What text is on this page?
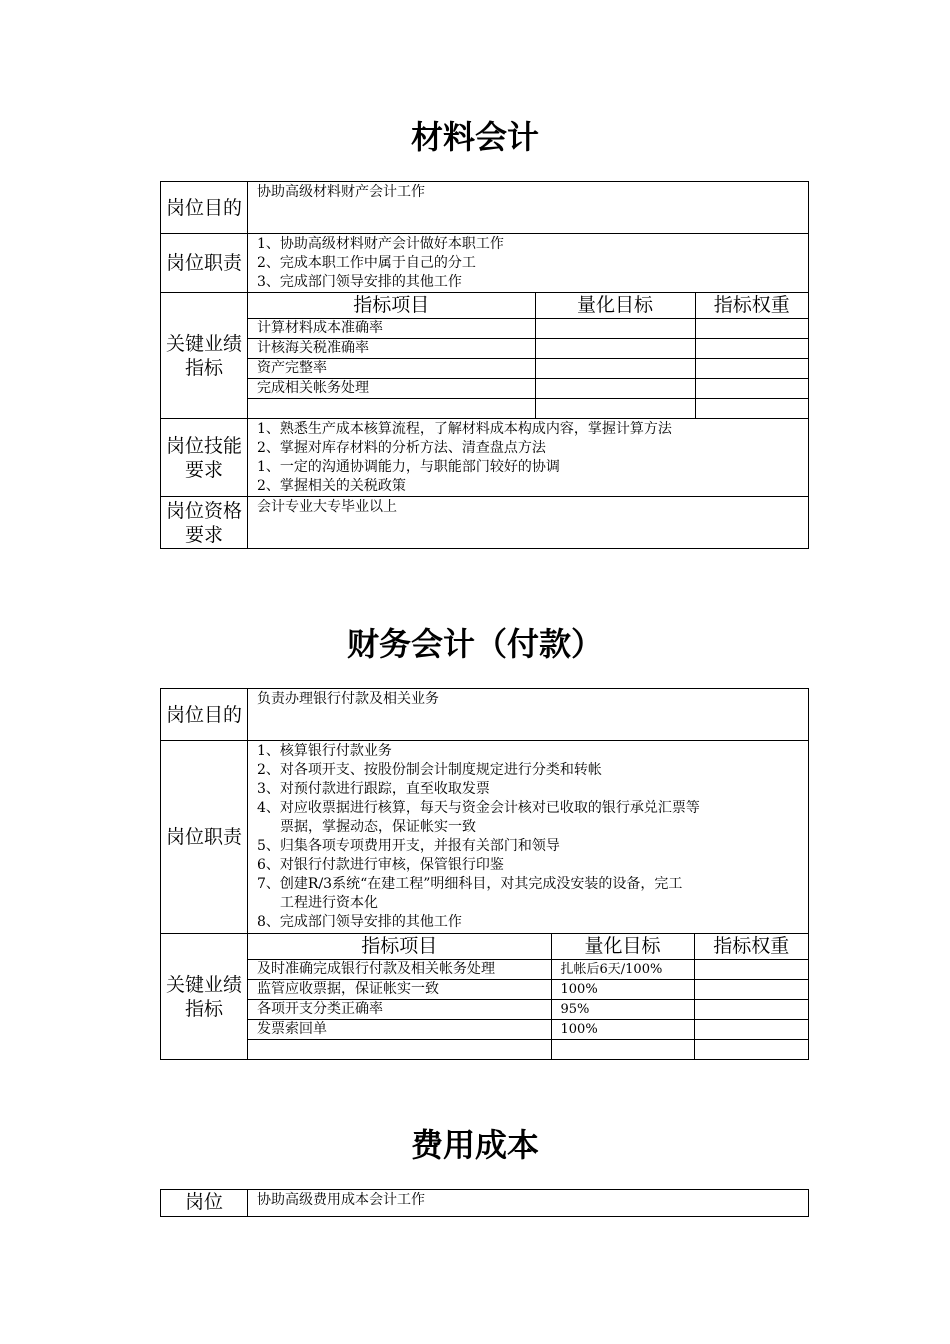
材料会计
岗位目的	
协助高级材料财产会计工作

岗位职责	
1、协助高级材料财产会计做好本职工作
2、完成本职工作中属于自己的分工
3、完成部门领导安排的其他工作

关键业绩指标	
指标项目	量化目标	指标权重
计算材料成本准确率		
计核海关税准确率		
资产完整率		
完成相关帐务处理		

岗位技能要求	
1、熟悉生产成本核算流程，了解材料成本构成内容，掌握计算方法
2、掌握对库存材料的分析方法、清查盘点方法
1、一定的沟通协调能力，与职能部门较好的协调
2、掌握相关的关税政策

岗位资格要求	
会计专业大专毕业以上
财务会计（付款）
岗位目的	
负责办理银行付款及相关业务

岗位职责	
1、核算银行付款业务
2、对各项开支、按股份制会计制度规定进行分类和转帐
3、对预付款进行跟踪，直至收取发票
4、对应收票据进行核算，每天与资金会计核对已收取的银行承兑汇票等
票据，掌握动态，保证帐实一致
5、归集各项专项费用开支，并报有关部门和领导
6、对银行付款进行审核，保管银行印鉴
7、创建R/3系统“在建工程”明细科目，对其完成没安装的设备，完工
工程进行资本化
8、完成部门领导安排的其他工作

关键业绩指标	
指标项目	量化目标	指标权重
及时准确完成银行付款及相关帐务处理	扎帐后6天/100%	
监管应收票据，保证帐实一致	100%	
各项开支分类正确率	95%	
发票索回单	100%	

费用成本
岗位	协助高级费用成本会计工作
